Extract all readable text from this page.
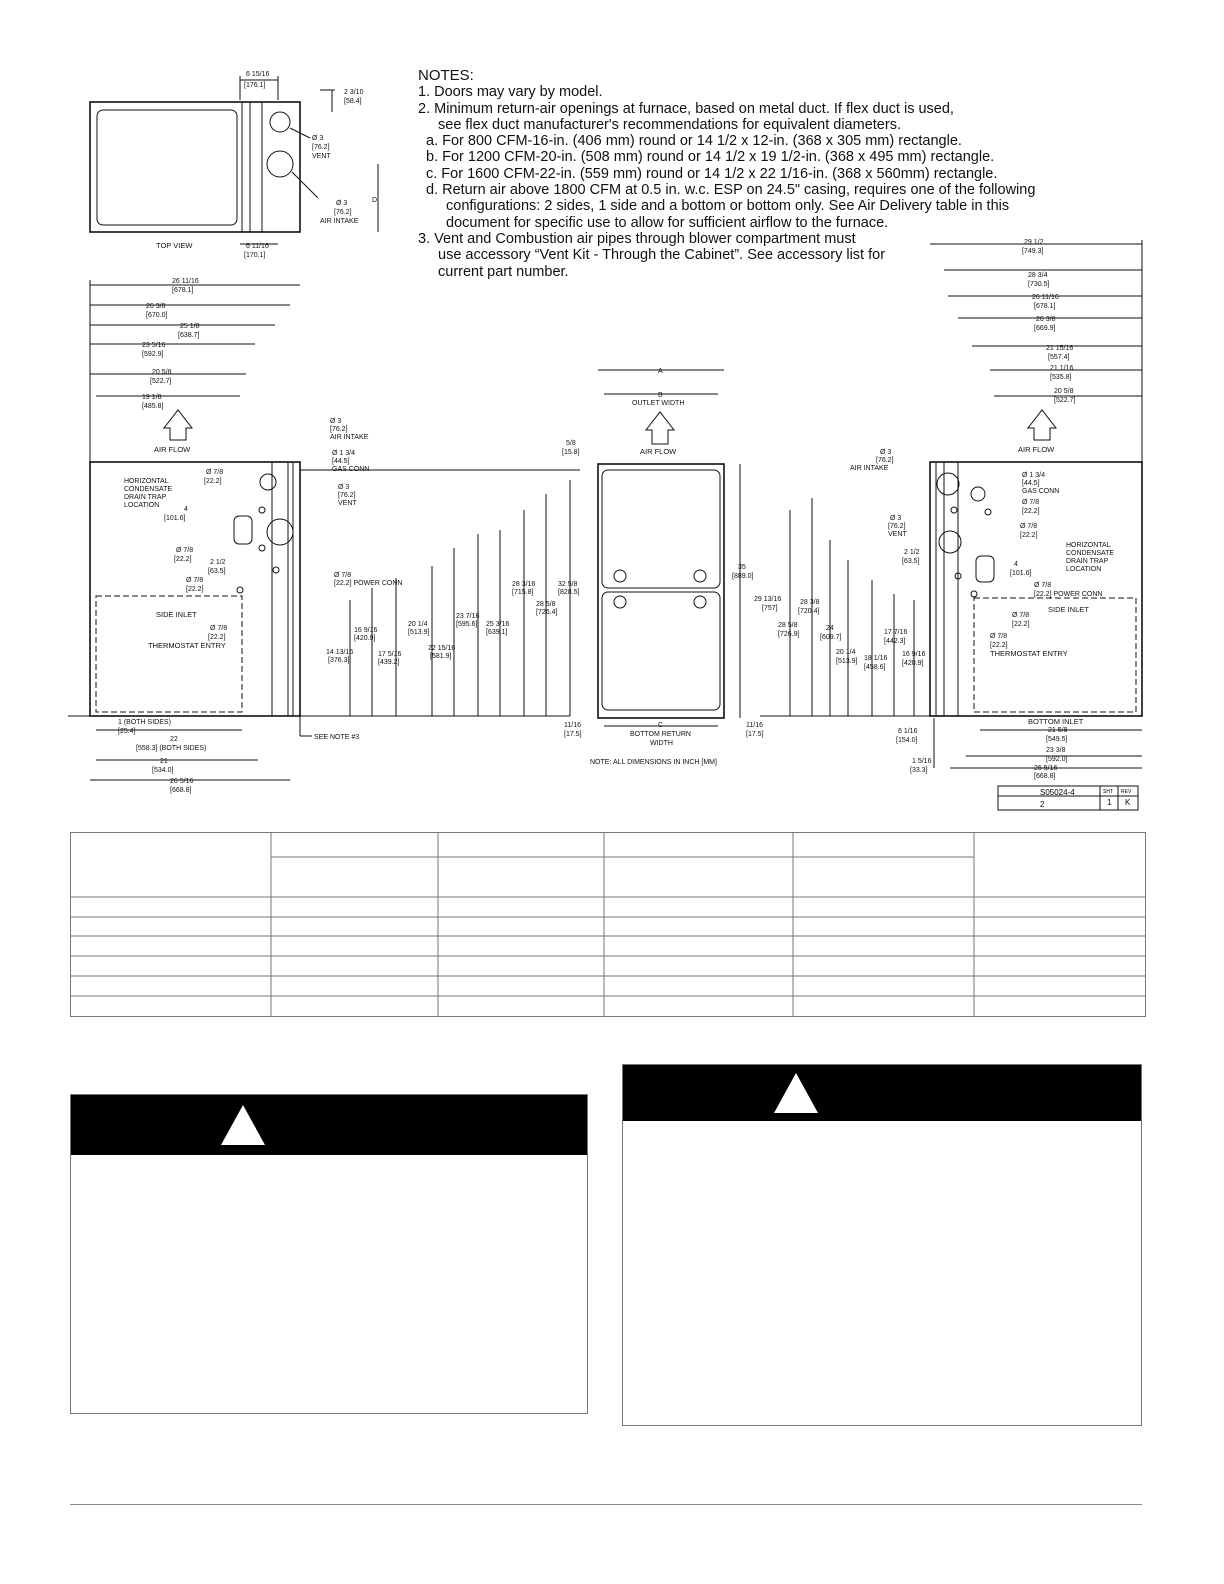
NOTES:
1. Doors may vary by model.
2. Minimum return-air openings at furnace, based on metal duct. If flex duct is used,
see flex duct manufacturer's recommendations for equivalent diameters.
a. For 800 CFM-16-in. (406 mm) round or 14 1/2 x 12-in. (368 x 305 mm) rectangle.
b. For 1200 CFM-20-in. (508 mm) round or 14 1/2 x 19 1/2-in. (368 x 495 mm) rectangle.
c. For 1600 CFM-22-in. (559 mm) round or 14 1/2 x 22 1/16-in. (368 x 560mm) rectangle.
d. Return air above 1800 CFM at 0.5 in. w.c. ESP on 24.5" casing, requires one of the following
configurations: 2 sides, 1 side and a bottom or bottom only. See Air Delivery table in this
document for specific use to allow for sufficient airflow to the furnace.
3. Vent and Combustion air pipes through blower compartment must
use accessory “Vent Kit - Through the Cabinet”. See accessory list for
current part number.
6 15/16
[176.1]
2 3/10
[58.4]
Ø 3
[76.2]
VENT
Ø 3
[76.2]
AIR INTAKE
D
TOP VIEW	6 11/16
[170.1]
26 11/16
[678.1]
26 3/8
[670.0]
25 1/8
[638.7]
23 5/16
[592.9]
20 5/8
[522.7]
19 1/8
[485.8]
AIR FLOW
HORIZONTAL
CONDENSATE
DRAIN TRAP
LOCATION
Ø 7/8
[22.2]
4
[101.6]
Ø 7/8
[22.2]	2 1/2
[63.5]
Ø 7/8
[22.2]
Ø 7/8
[22.2]
SIDE INLET
THERMOSTAT ENTRY
Ø 3
[76.2]
AIR INTAKE
Ø 1 3/4
[44.5]
GAS CONN
Ø 3
[76.2]
VENT
Ø 7/8
[22.2] POWER CONN
14 13/16
[376.3]
16 9/16
[420.9]
17 5/16
[439.2]
20 1/4
[513.9]
22 15/16
[581.9]
23 7/16
[595.6] 25 3/16
[639.1]
28 3/16
[715.8]
28 5/8
[726.4]
32 5/8
[828.5]
1 (BOTH SIDES)
[25.4]
22
[558.3] (BOTH SIDES)
21
[534.0]
26 5/16
[668.8]
SEE NOTE #3
A
B
OUTLET WIDTH
AIR FLOW
5/8
[15.8]
35
[889.0]
11/16
[17.5]
11/16
[17.5]
C
BOTTOM RETURN
WIDTH
NOTE: ALL DIMENSIONS IN INCH [MM]
29 1/2
[749.3]
28 3/4
[730.5]
26 11/16
[678.1]
26 3/8
[669.9]
21 15/16
[557.4]
21 1/16
[535.8]
20 5/8
[522.7]
AIR FLOW
Ø 3
[76.2]
AIR INTAKE
Ø 1 3/4
[44.5]
GAS CONN
Ø 7/8
[22.2]
Ø 7/8
[22.2]
Ø 3
[76.2]
VENT
2 1/2
[63.5]
HORIZONTAL
CONDENSATE
DRAIN TRAP
LOCATION
4
[101.6]
Ø 7/8
[22.2] POWER CONN
SIDE INLET
Ø 7/8
[22.2]
Ø 7/8
[22.2]
THERMOSTAT ENTRY
29 13/16
[757]
28 3/8
[720.4]
28 5/8
[726.9]
24
[609.7]
20 1/4
[513.9] 18 1/16
[458.6]
17 7/16
[442.3]
16 9/16
[420.9]
BOTTOM INLET
21 5/8
[549.5]
23 3/8
[592.0]
26 5/16
[668.8]
6 1/16
[154.0]
1 5/16
[33.3]
S05024-4	SHT REV
1 K
2
